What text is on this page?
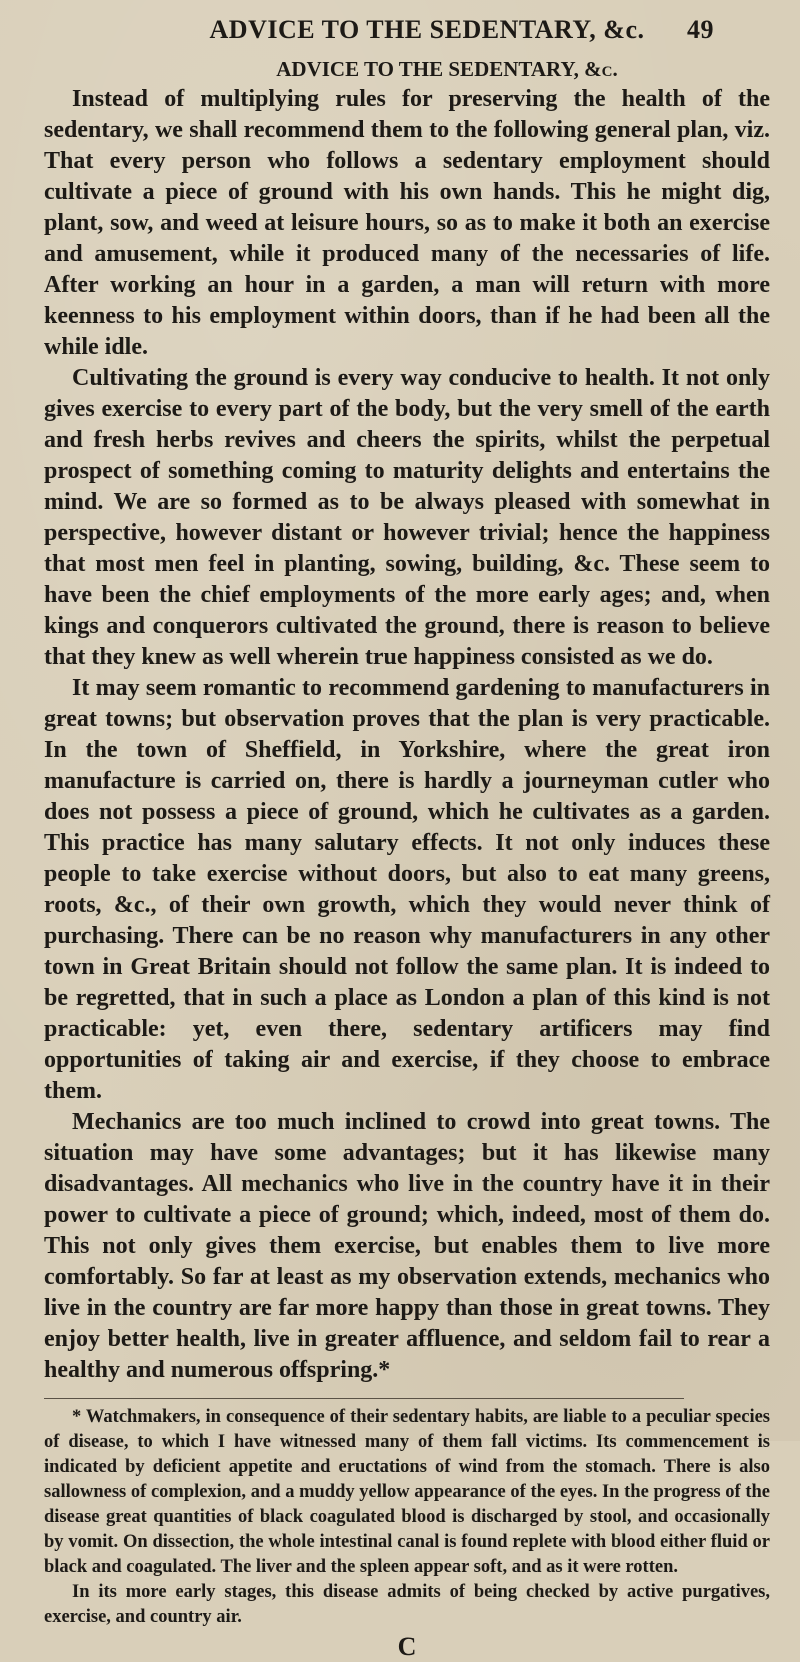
ADVICE TO THE SEDENTARY, &c. 49
ADVICE TO THE SEDENTARY, &c.

Instead of multiplying rules for preserving the health of the sedentary, we shall recommend them to the following general plan, viz. That every person who follows a sedentary employment should cultivate a piece of ground with his own hands. This he might dig, plant, sow, and weed at leisure hours, so as to make it both an exercise and amusement, while it produced many of the necessaries of life. After working an hour in a garden, a man will return with more keenness to his employment within doors, than if he had been all the while idle.

Cultivating the ground is every way conducive to health. It not only gives exercise to every part of the body, but the very smell of the earth and fresh herbs revives and cheers the spirits, whilst the perpetual prospect of something coming to maturity delights and entertains the mind. We are so formed as to be always pleased with somewhat in perspective, however distant or however trivial; hence the happiness that most men feel in planting, sowing, building, &c. These seem to have been the chief employments of the more early ages; and, when kings and conquerors cultivated the ground, there is reason to believe that they knew as well wherein true happiness consisted as we do.

It may seem romantic to recommend gardening to manufacturers in great towns; but observation proves that the plan is very practicable. In the town of Sheffield, in Yorkshire, where the great iron manufacture is carried on, there is hardly a journeyman cutler who does not possess a piece of ground, which he cultivates as a garden. This practice has many salutary effects. It not only induces these people to take exercise without doors, but also to eat many greens, roots, &c., of their own growth, which they would never think of purchasing. There can be no reason why manufacturers in any other town in Great Britain should not follow the same plan. It is indeed to be regretted, that in such a place as London a plan of this kind is not practicable: yet, even there, sedentary artificers may find opportunities of taking air and exercise, if they choose to embrace them.

Mechanics are too much inclined to crowd into great towns. The situation may have some advantages; but it has likewise many disadvantages. All mechanics who live in the country have it in their power to cultivate a piece of ground; which, indeed, most of them do. This not only gives them exercise, but enables them to live more comfortably. So far at least as my observation extends, mechanics who live in the country are far more happy than those in great towns. They enjoy better health, live in greater affluence, and seldom fail to rear a healthy and numerous offspring.*

* Watchmakers, in consequence of their sedentary habits, are liable to a peculiar species of disease, to which I have witnessed many of them fall victims. Its commencement is indicated by deficient appetite and eructations of wind from the stomach. There is also sallowness of complexion, and a muddy yellow appearance of the eyes. In the progress of the disease great quantities of black coagulated blood is discharged by stool, and occasionally by vomit. On dissection, the whole intestinal canal is found replete with blood either fluid or black and coagulated. The liver and the spleen appear soft, and as it were rotten.

In its more early stages, this disease admits of being checked by active purgatives, exercise, and country air.

C
